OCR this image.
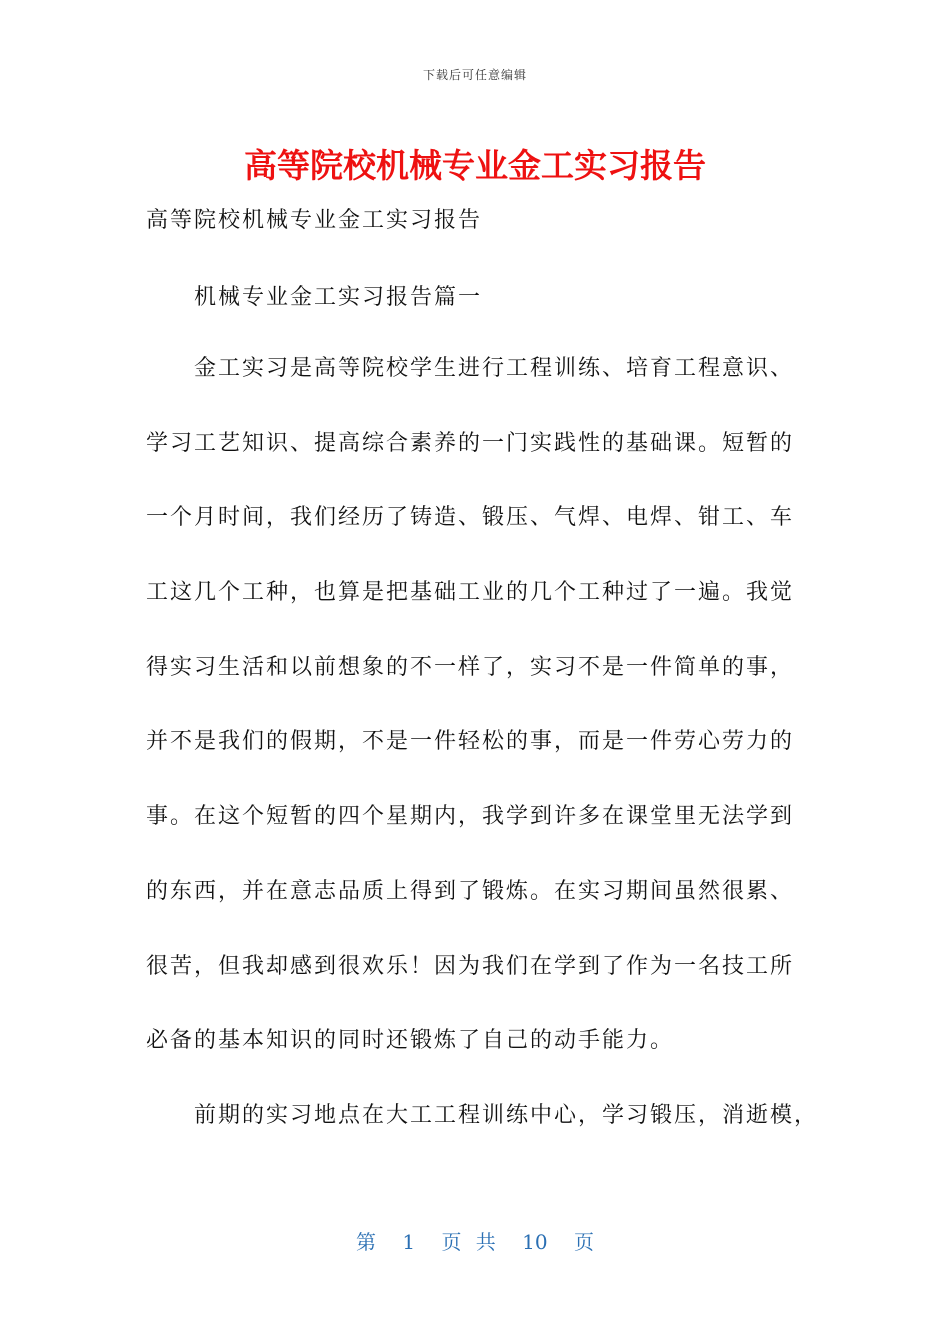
下载后可任意编辑
高等院校机械专业金工实习报告
高等院校机械专业金工实习报告
机械专业金工实习报告篇一
金工实习是高等院校学生进行工程训练、培育工程意识、
学习工艺知识、提高综合素养的一门实践性的基础课。短暂的
一个月时间，我们经历了铸造、锻压、气焊、电焊、钳工、车
工这几个工种，也算是把基础工业的几个工种过了一遍。我觉
得实习生活和以前想象的不一样了，实习不是一件简单的事，
并不是我们的假期，不是一件轻松的事，而是一件劳心劳力的
事。在这个短暂的四个星期内，我学到许多在课堂里无法学到
的东西，并在意志品质上得到了锻炼。在实习期间虽然很累、
很苦，但我却感到很欢乐！因为我们在学到了作为一名技工所
必备的基本知识的同时还锻炼了自己的动手能力。
前期的实习地点在大工工程训练中心，学习锻压，消逝模，
第 1 页 共 10 页
